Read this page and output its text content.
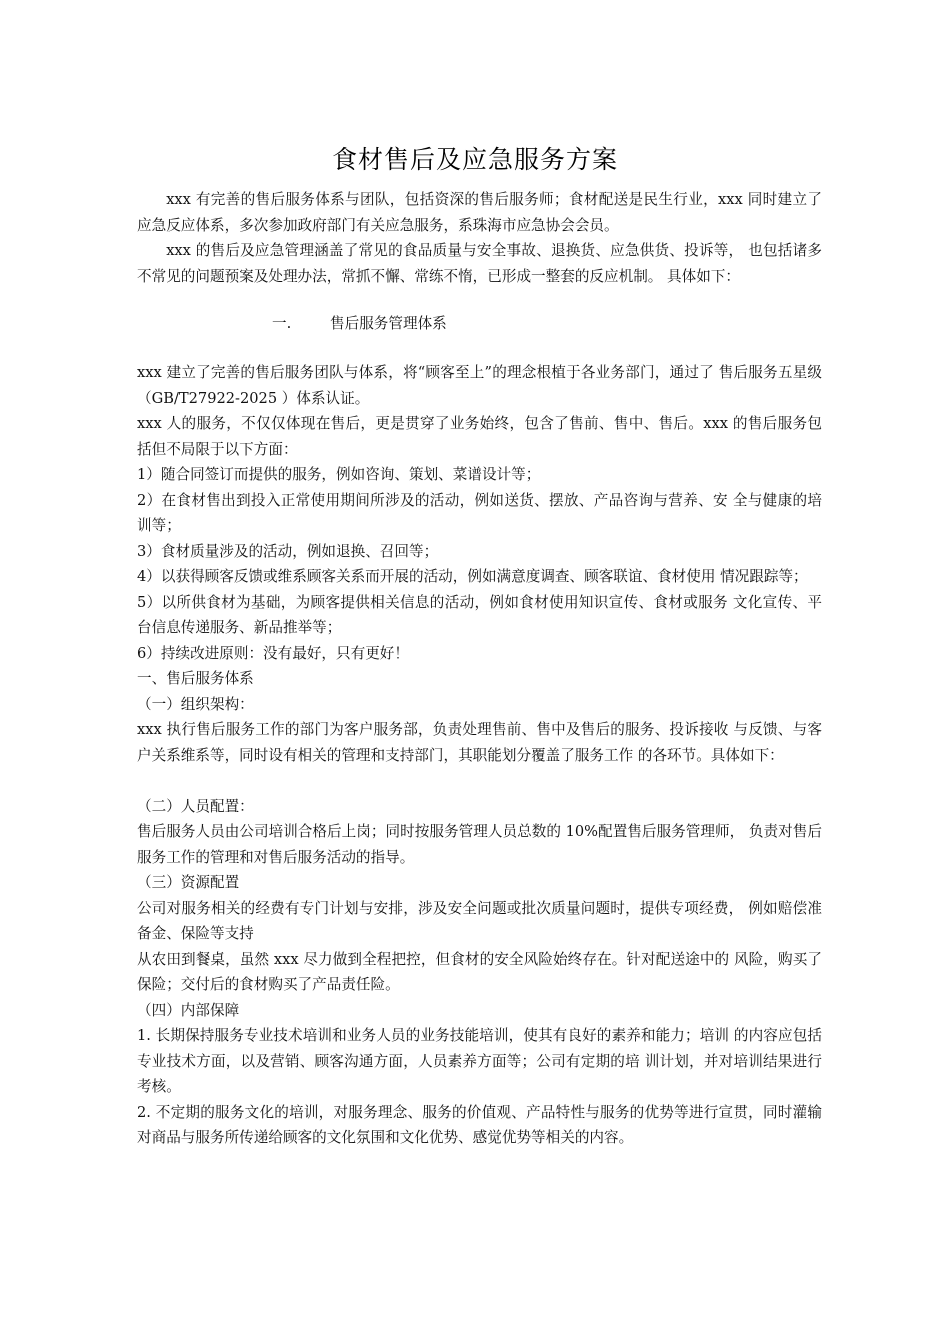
食材售后及应急服务方案

xxx 有完善的售后服务体系与团队，包括资深的售后服务师；食材配送是民生行业，xxx 同时建立了应急反应体系，多次参加政府部门有关应急服务，系珠海市应急协会会员。

xxx 的售后及应急管理涵盖了常见的食品质量与安全事故、退换货、应急供货、投诉等， 也包括诸多不常见的问题预案及处理办法，常抓不懈、常练不惰，已形成一整套的反应机制。 具体如下：

一.	售后服务管理体系

xxx 建立了完善的售后服务团队与体系，将“顾客至上”的理念根植于各业务部门，通过了 售后服务五星级（GB/T27922-2025 ）体系认证。

xxx 人的服务，不仅仅体现在售后，更是贯穿了业务始终，包含了售前、售中、售后。xxx 的售后服务包括但不局限于以下方面：

1）随合同签订而提供的服务，例如咨询、策划、菜谱设计等；

2）在食材售出到投入正常使用期间所涉及的活动，例如送货、摆放、产品咨询与营养、安 全与健康的培训等；

3）食材质量涉及的活动，例如退换、召回等；

4）以获得顾客反馈或维系顾客关系而开展的活动，例如满意度调查、顾客联谊、食材使用 情况跟踪等；

5）以所供食材为基础，为顾客提供相关信息的活动，例如食材使用知识宣传、食材或服务 文化宣传、平台信息传递服务、新品推举等；

6）持续改进原则：没有最好，只有更好！

一、售后服务体系

（一）组织架构：

xxx 执行售后服务工作的部门为客户服务部，负责处理售前、售中及售后的服务、投诉接收 与反馈、与客户关系维系等，同时设有相关的管理和支持部门，其职能划分覆盖了服务工作 的各环节。具体如下：

（二）人员配置：

售后服务人员由公司培训合格后上岗；同时按服务管理人员总数的 10%配置售后服务管理师， 负责对售后服务工作的管理和对售后服务活动的指导。

（三）资源配置

公司对服务相关的经费有专门计划与安排，涉及安全问题或批次质量问题时，提供专项经费， 例如赔偿准备金、保险等支持

从农田到餐桌，虽然 xxx 尽力做到全程把控，但食材的安全风险始终存在。针对配送途中的 风险，购买了保险；交付后的食材购买了产品责任险。

（四）内部保障

1. 长期保持服务专业技术培训和业务人员的业务技能培训，使其有良好的素养和能力；培训 的内容应包括专业技术方面，以及营销、顾客沟通方面，人员素养方面等；公司有定期的培 训计划，并对培训结果进行考核。

2. 不定期的服务文化的培训，对服务理念、服务的价值观、产品特性与服务的优势等进行宣贯，同时灌输对商品与服务所传递给顾客的文化氛围和文化优势、感觉优势等相关的内容。
